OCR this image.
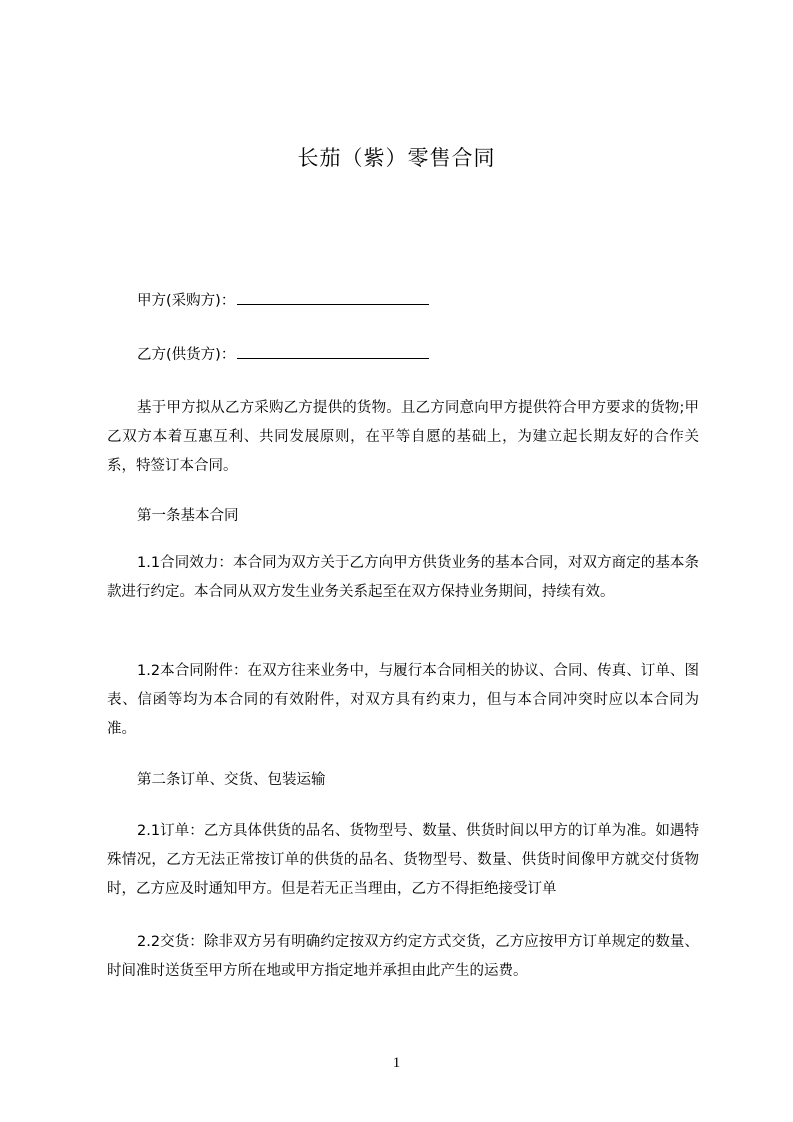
长茄（紫）零售合同
甲方(采购方)：
乙方(供货方)：
基于甲方拟从乙方采购乙方提供的货物。且乙方同意向甲方提供符合甲方要求的货物;甲乙双方本着互惠互利、共同发展原则，在平等自愿的基础上，为建立起长期友好的合作关系，特签订本合同。
第一条基本合同
1.1合同效力：本合同为双方关于乙方向甲方供货业务的基本合同，对双方商定的基本条款进行约定。本合同从双方发生业务关系起至在双方保持业务期间，持续有效。
1.2本合同附件：在双方往来业务中，与履行本合同相关的协议、合同、传真、订单、图表、信函等均为本合同的有效附件，对双方具有约束力，但与本合同冲突时应以本合同为准。
第二条订单、交货、包装运输
2.1订单：乙方具体供货的品名、货物型号、数量、供货时间以甲方的订单为准。如遇特殊情况，乙方无法正常按订单的供货的品名、货物型号、数量、供货时间像甲方就交付货物时，乙方应及时通知甲方。但是若无正当理由，乙方不得拒绝接受订单
2.2交货：除非双方另有明确约定按双方约定方式交货，乙方应按甲方订单规定的数量、时间准时送货至甲方所在地或甲方指定地并承担由此产生的运费。
1
